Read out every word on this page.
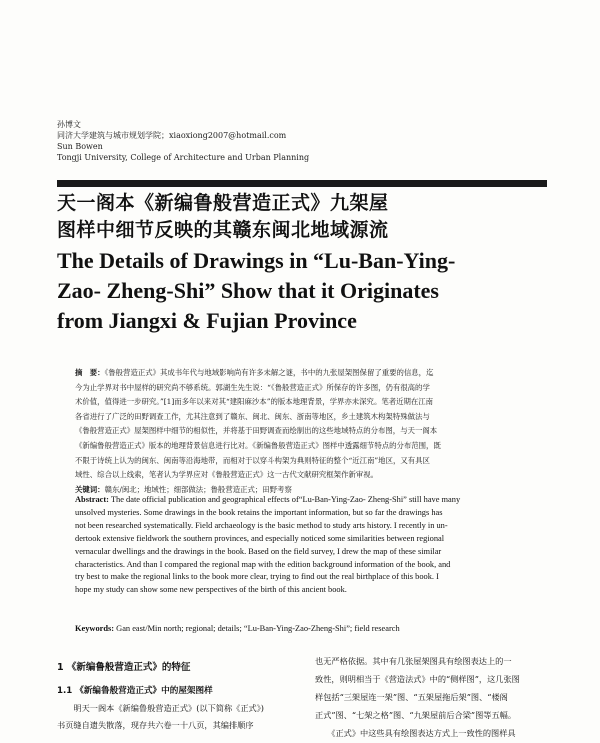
孙博文
同济大学建筑与城市规划学院；xiaoxiong2007@hotmail.com
Sun Bowen
Tongji University, College of Architecture and Urban Planning
天一阁本《新编鲁般营造正式》九架屋
图样中细节反映的其赣东闽北地域源流
The Details of Drawings in “Lu-Ban-Ying-
Zao- Zheng-Shi” Show that it Originates
from Jiangxi & Fujian Province
摘　要：《鲁般营造正式》其成书年代与地域影响尚有许多未解之谜，书中的九张屋架图保留了重要的信息，迄
今为止学界对书中屋样的研究尚不够系统。郭湖生先生说：“《鲁般营造正式》所保存的许多图，仍有很高的学
术价值，值得进一步研究。”[1]而多年以来对其“建阳麻沙本”的版本地理背景，学界亦未深究。笔者近期在江南
各省进行了广泛的田野调查工作，尤其注意到了赣东、闽北、闽东、浙南等地区，乡土建筑木构架特殊做法与
《鲁般营造正式》屋架图样中细节的相似性，并将基于田野调查而绘制出的这些地域特点的分布图，与天一阁本
《新编鲁般营造正式》版本的地理背景信息进行比对。《新编鲁般营造正式》图样中透露细节特点的分布范围，既
不限于诗统上认为的闽东、闽南等沿海地带，而相对于以穿斗构架为典则特征的整个“近江南”地区，又有具区
域性、综合以上线索，笔者认为学界应对《鲁般营造正式》这一古代文献研究框架作新审视。
关键词：赣东/闽北；地域性；细部做法；鲁般营造正式；田野考察
Abstract: The date official publication and geographical effects of“Lu-Ban-Ying-Zao- Zheng-Shi” still have many
unsolved mysteries. Some drawings in the book retains the important information, but so far the drawings has
not been researched systematically. Field archaeology is the basic method to study arts history. I recently in un-
dertook extensive fieldwork the southern provinces, and especially noticed some similarities between regional
vernacular dwellings and the drawings in the book. Based on the field survey, I drew the map of these similar
characteristics. And than I compared the regional map with the edition background information of the book, and
try best to make the regional links to the book more clear, trying to find out the real birthplace of this book. I
hope my study can show some new perspectives of the birth of this ancient book.
Keywords: Gan east/Min north; regional; details; “Lu-Ban-Ying-Zao-Zheng-Shi”; field research
1 《新编鲁般营造正式》的特征
1.1 《新编鲁般营造正式》中的屋架图样
　　明天一阁本《新编鲁般营造正式》(以下简称《正式》)
书页缝自遗失散落，现存共六卷一十八页，其编排顺序
也无严格依据。其中有几张屋架图具有绘图表达上的一
致性，则明相当于《营造法式》中的“侧样图”，这几张图
样包括“三架屋连一架”图、“五架屋拖后架”图、“楼阁
正式”图、“七架之格”图、“九架屋前后合梁”图等五幅。
　　《正式》中这些具有绘图表达方式上一致性的图样具
